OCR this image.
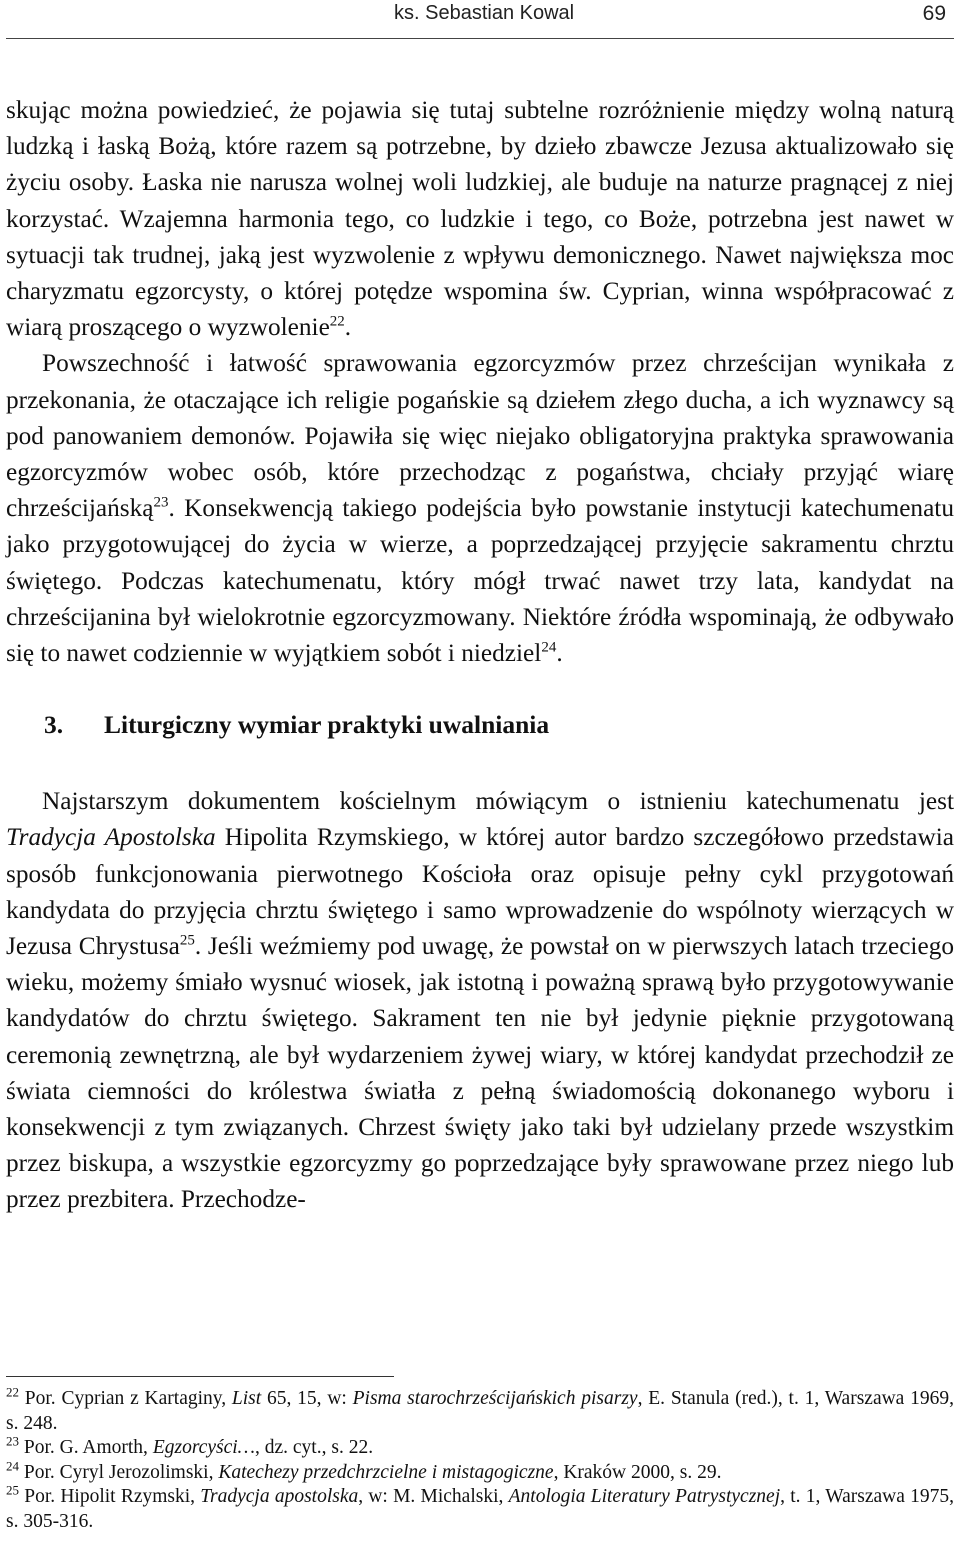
ks. Sebastian Kowal	69

skując można powiedzieć, że pojawia się tutaj subtelne rozróżnienie między wolną naturą ludzką i łaską Bożą, które razem są potrzebne, by dzieło zbawcze Jezusa aktualizowało się życiu osoby. Łaska nie narusza wolnej woli ludzkiej, ale buduje na naturze pragnącej z niej korzystać. Wzajemna harmonia tego, co ludzkie i tego, co Boże, potrzebna jest nawet w sytuacji tak trudnej, jaką jest wyzwolenie z wpływu demonicznego. Nawet największa moc charyzmatu egzorcysty, o której potędze wspomina św. Cyprian, winna współpracować z wiarą proszącego o wyzwolenie$^{22}$.

Powszechność i łatwość sprawowania egzorcyzmów przez chrześcijan wynikała z przekonania, że otaczające ich religie pogańskie są dziełem złego ducha, a ich wyznawcy są pod panowaniem demonów. Pojawiła się więc niejako obligatoryjna praktyka sprawowania egzorcyzmów wobec osób, które przechodząc z pogaństwa, chciały przyjąć wiarę chrześcijańską$^{23}$. Konsekwencją takiego podejścia było powstanie instytucji katechumenatu jako przygotowującej do życia w wierze, a poprzedzającej przyjęcie sakramentu chrztu świętego. Podczas katechumenatu, który mógł trwać nawet trzy lata, kandydat na chrześcijanina był wielokrotnie egzorcyzmowany. Niektóre źródła wspominają, że odbywało się to nawet codziennie w wyjątkiem sobót i niedziel$^{24}$.

3. Liturgiczny wymiar praktyki uwalniania

Najstarszym dokumentem kościelnym mówiącym o istnieniu katechumenatu jest Tradycja Apostolska Hipolita Rzymskiego, w której autor bardzo szczegółowo przedstawia sposób funkcjonowania pierwotnego Kościoła oraz opisuje pełny cykl przygotowań kandydata do przyjęcia chrztu świętego i samo wprowadzenie do wspólnoty wierzących w Jezusa Chrystusa$^{25}$. Jeśli weźmiemy pod uwagę, że powstał on w pierwszych latach trzeciego wieku, możemy śmiało wysnuć wiosek, jak istotną i poważną sprawą było przygotowywanie kandydatów do chrztu świętego. Sakrament ten nie był jedynie pięknie przygotowaną ceremonią zewnętrzną, ale był wydarzeniem żywej wiary, w której kandydat przechodził ze świata ciemności do królestwa światła z pełną świadomością dokonanego wyboru i konsekwencji z tym związanych. Chrzest święty jako taki był udzielany przede wszystkim przez biskupa, a wszystkie egzorcyzmy go poprzedzające były sprawowane przez niego lub przez prezbitera. Przechodze-

$^{22}$ Por. Cyprian z Kartaginy, List 65, 15, w: Pisma starochrześcijańskich pisarzy, E. Stanula (red.), t. 1, Warszawa 1969, s. 248.

$^{23}$ Por. G. Amorth, Egzorcyści…, dz. cyt., s. 22.

$^{24}$ Por. Cyryl Jerozolimski, Katechezy przedchrzcielne i mistagogiczne, Kraków 2000, s. 29.

$^{25}$ Por. Hipolit Rzymski, Tradycja apostolska, w: M. Michalski, Antologia Literatury Patrystycznej, t. 1, Warszawa 1975, s. 305-316.
